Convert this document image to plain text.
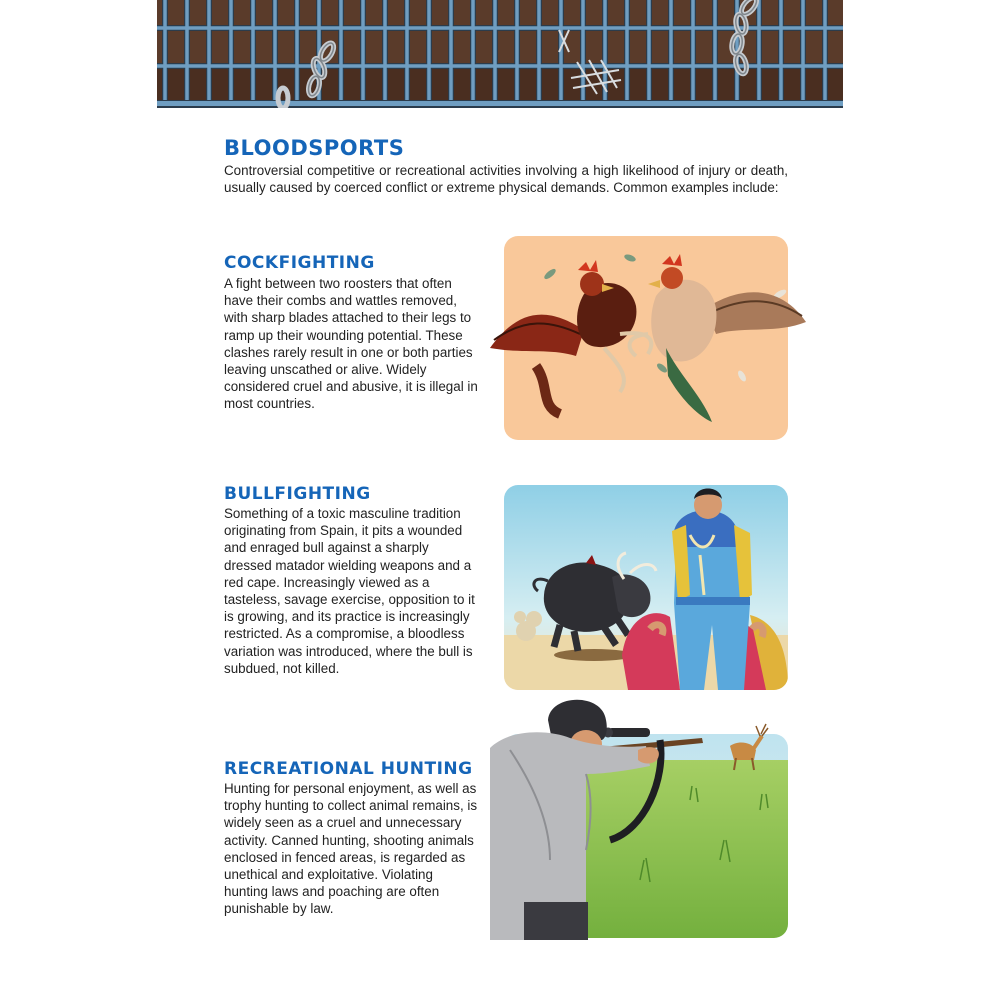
BLOODSPORTS
Controversial competitive or recreational activities involving a high likelihood of injury or death, usually caused by coerced conflict or extreme physical demands. Common examples include:
COCKFIGHTING
A fight between two roosters that often have their combs and wattles removed, with sharp blades attached to their legs to ramp up their wounding potential. These clashes rarely result in one or both parties leaving unscathed or alive. Widely considered cruel and abusive, it is illegal in most countries.
BULLFIGHTING
Something of a toxic masculine tradition originating from Spain, it pits a wounded and enraged bull against a sharply dressed matador wielding weapons and a red cape. Increasingly viewed as a tasteless, savage exercise, opposition to it is growing, and its practice is increasingly restricted. As a compromise, a bloodless variation was introduced, where the bull is subdued, not killed.
RECREATIONAL HUNTING
Hunting for personal enjoyment, as well as trophy hunting to collect animal remains, is widely seen as a cruel and unnecessary activity. Canned hunting, shooting animals enclosed in fenced areas, is regarded as unethical and exploitative. Violating hunting laws and poaching are often punishable by law.
